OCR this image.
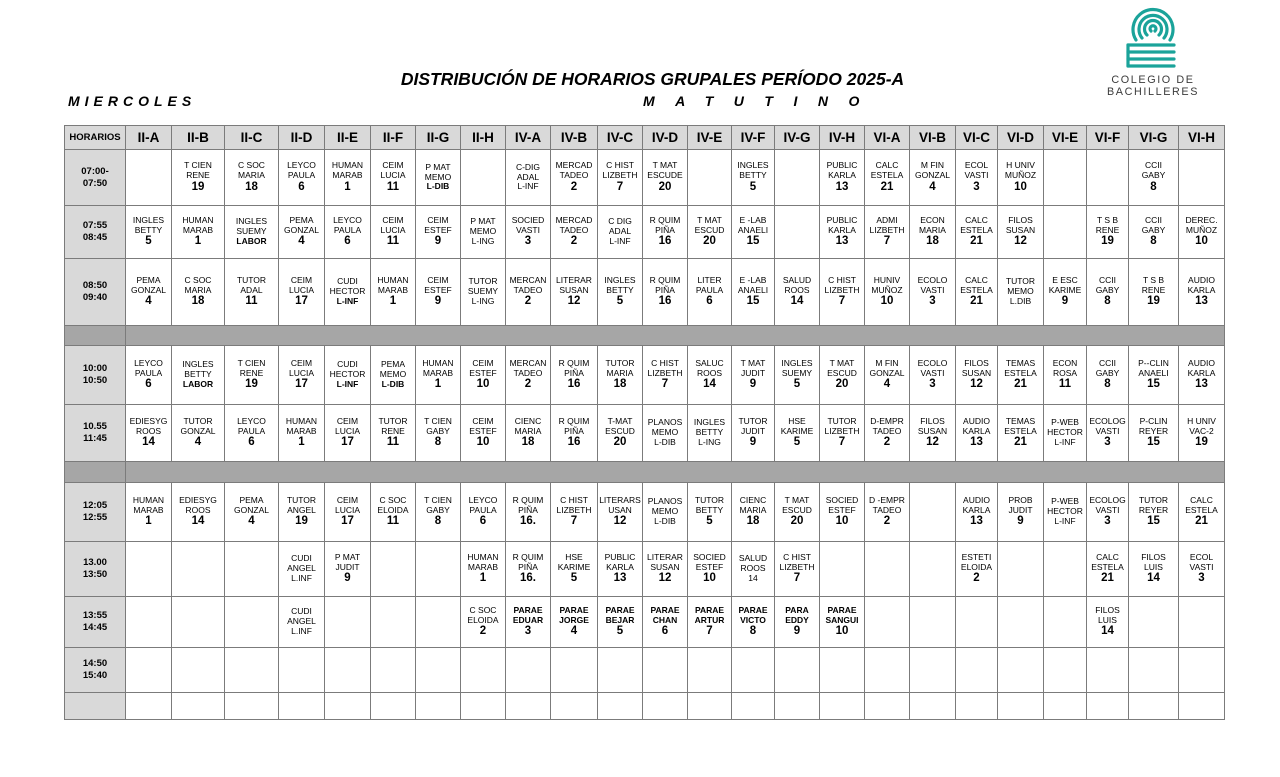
DISTRIBUCIÓN DE HORARIOS GRUPALES PERÍODO 2025-A
MIERCOLES	MATUTINO
COLEGIO DE
BACHILLERES
HORARIOS	II-A	II-B	II-C	II-D	II-E	II-F	II-G	II-H	IV-A	IV-B	IV-C	IV-D	IV-E	IV-F	IV-G	IV-H	VI-A	VI-B	VI-C	VI-D	VI-E	VI-F	VI-G	VI-H

07:00-
07:50		T CIEN
RENE
19	C SOC
MARIA
18	LEYCO
PAULA
6	HUMAN
MARAB
1	CEIM
LUCIA
11	P MAT
MEMO
L-DIB		C-DIG
ADAL
L-INF	MERCAD
TADEO
2	C HIST
LIZBETH
7	T MAT
ESCUDE
20		INGLES
BETTY
5		PUBLIC
KARLA
13	CALC
ESTELA
21	M FIN
GONZAL
4	ECOL
VASTI
3	H UNIV
MUÑOZ
10			CCII
GABY
8	

07:55
08:45	INGLES
BETTY
5	HUMAN
MARAB
1	INGLES
SUEMY
LABOR	PEMA
GONZAL
4	LEYCO
PAULA
6	CEIM
LUCIA
11	CEIM
ESTEF
9	P MAT
MEMO
L-ING	SOCIED
VASTI
3	MERCAD
TADEO
2	C DIG
ADAL
L-INF	R QUIM
PIÑA
16	T MAT
ESCUD
20	E -LAB
ANAELI
15		PUBLIC
KARLA
13	ADMI
LIZBETH
7	ECON
MARIA
18	CALC
ESTELA
21	FILOS
SUSAN
12		T S B
RENE
19	CCII
GABY
8	DEREC.
MUÑOZ
10

08:50
09:40	PEMA
GONZAL
4	C SOC
MARIA
18	TUTOR
ADAL
11	CEIM
LUCIA
17	CUDI
HECTOR
L-INF	HUMAN
MARAB
1	CEIM
ESTEF
9	TUTOR
SUEMY
L-ING	MERCAN
TADEO
2	LITERAR
SUSAN
12	INGLES
BETTY
5	R QUIM
PIÑA
16	LITER
PAULA
6	E -LAB
ANAELI
15	SALUD
ROOS
14	C HIST
LIZBETH
7	HUNIV
MUÑOZ
10	ECOLO
VASTI
3	CALC
ESTELA
21	TUTOR
MEMO
L.DIB	E ESC
KARIME
9	CCII
GABY
8	T S B
RENE
19	AUDIO
KARLA
13

10:00
10:50	LEYCO
PAULA
6	INGLES
BETTY
LABOR	T CIEN
RENE
19	CEIM
LUCIA
17	CUDI
HECTOR
L-INF	PEMA
MEMO
L-DIB	HUMAN
MARAB
1	CEIM
ESTEF
10	MERCAN
TADEO
2	R QUIM
PIÑA
16	TUTOR
MARIA
18	C HIST
LIZBETH
7	SALUC
ROOS
14	T MAT
JUDIT
9	INGLES
SUEMY
5	T MAT
ESCUD
20	M FIN
GONZAL
4	ECOLO
VASTI
3	FILOS
SUSAN
12	TEMAS
ESTELA
21	ECON
ROSA
11	CCII
GABY
8	P--CLIN
ANAELI
15	AUDIO
KARLA
13

10.55
11:45	EDIESYG
ROOS
14	TUTOR
GONZAL
4	LEYCO
PAULA
6	HUMAN
MARAB
1	CEIM
LUCIA
17	TUTOR
RENE
11	T CIEN
GABY
8	CEIM
ESTEF
10	CIENC
MARIA
18	R QUIM
PIÑA
16	T-MAT
ESCUD
20	PLANOS
MEMO
L-DIB	INGLES
BETTY
L-ING	TUTOR
JUDIT
9	HSE
KARIME
5	TUTOR
LIZBETH
7	D-EMPR
TADEO
2	FILOS
SUSAN
12	AUDIO
KARLA
13	TEMAS
ESTELA
21	P-WEB
HECTOR
L-INF	ECOLOG
VASTI
3	P-CLIN
REYER
15	H UNIV
VAC-2
19

12:05
12:55	HUMAN
MARAB
1	EDIESYG
ROOS
14	PEMA
GONZAL
4	TUTOR
ANGEL
19	CEIM
LUCIA
17	C SOC
ELOIDA
11	T CIEN
GABY
8	LEYCO
PAULA
6	R QUIM
PIÑA
16.	C HIST
LIZBETH
7	LITERARS
USAN
12	PLANOS
MEMO
L-DIB	TUTOR
BETTY
5	CIENC
MARIA
18	T MAT
ESCUD
20	SOCIED
ESTEF
10	D -EMPR
TADEO
2		AUDIO
KARLA
13	PROB
JUDIT
9	P-WEB
HECTOR
L-INF	ECOLOG
VASTI
3	TUTOR
REYER
15	CALC
ESTELA
21

13.00
13:50				CUDI
ANGEL
L.INF	P MAT
JUDIT
9			HUMAN
MARAB
1	R QUIM
PIÑA
16.	HSE
KARIME
5	PUBLIC
KARLA
13	LITERAR
SUSAN
12	SOCIED
ESTEF
10	SALUD
ROOS
14	C HIST
LIZBETH
7				ESTETI
ELOIDA
2			CALC
ESTELA
21	FILOS
LUIS
14	ECOL
VASTI
3

13:55
14:45				CUDI
ANGEL
L.INF				C SOC
ELOIDA
2	PARAE
EDUAR
3	PARAE
JORGE
4	PARAE
BEJAR
5	PARAE
CHAN
6	PARAE
ARTUR
7	PARAE
VICTO
8	PARA
EDDY
9	PARAE
SANGUI
10						FILOS
LUIS
14		

14:50
15:40																								
